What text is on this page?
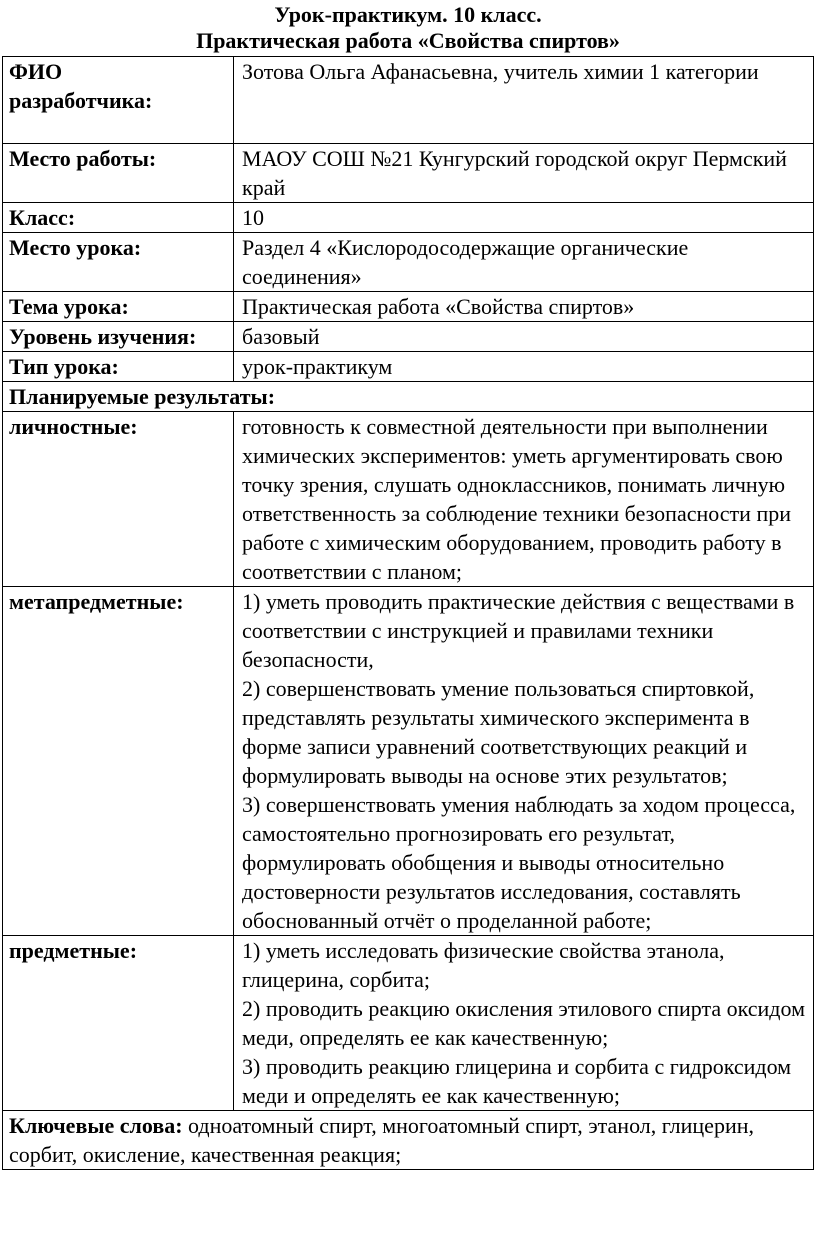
Урок-практикум. 10 класс.
Практическая работа «Свойства спиртов»
ФИО
разработчика:	Зотова Ольга Афанасьевна, учитель химии 1 категории
Место работы:	МАОУ СОШ №21 Кунгурский городской округ Пермский край
Класс:	10
Место урока:	Раздел 4 «Кислородосодержащие органические соединения»
Тема урока:	Практическая работа «Свойства спиртов»
Уровень изучения:	базовый
Тип урока:	урок-практикум
Планируемые результаты:	
личностные:	готовность к совместной деятельности при выполнении химических экспериментов: уметь аргументировать свою точку зрения, слушать одноклассников, понимать личную ответственность за соблюдение техники безопасности при работе с химическим оборудованием, проводить работу в соответствии с планом;
метапредметные:	1) уметь проводить практические действия с веществами в соответствии с инструкцией и правилами техники безопасности,

2) совершенствовать умение пользоваться спиртовкой, представлять результаты химического эксперимента в форме записи уравнений соответствующих реакций и формулировать выводы на основе этих результатов;

3) совершенствовать умения наблюдать за ходом процесса, самостоятельно прогнозировать его результат, формулировать обобщения и выводы относительно достоверности результатов исследования, составлять обоснованный отчёт о проделанной работе;

предметные:	1) уметь исследовать физические свойства этанола, глицерина, сорбита;

2) проводить реакцию окисления этилового спирта оксидом меди, определять ее как качественную;

3) проводить реакцию глицерина и сорбита с гидроксидом меди и определять ее как качественную;

Ключевые слова: одноатомный спирт, многоатомный спирт, этанол, глицерин, сорбит, окисление, качественная реакция;	
